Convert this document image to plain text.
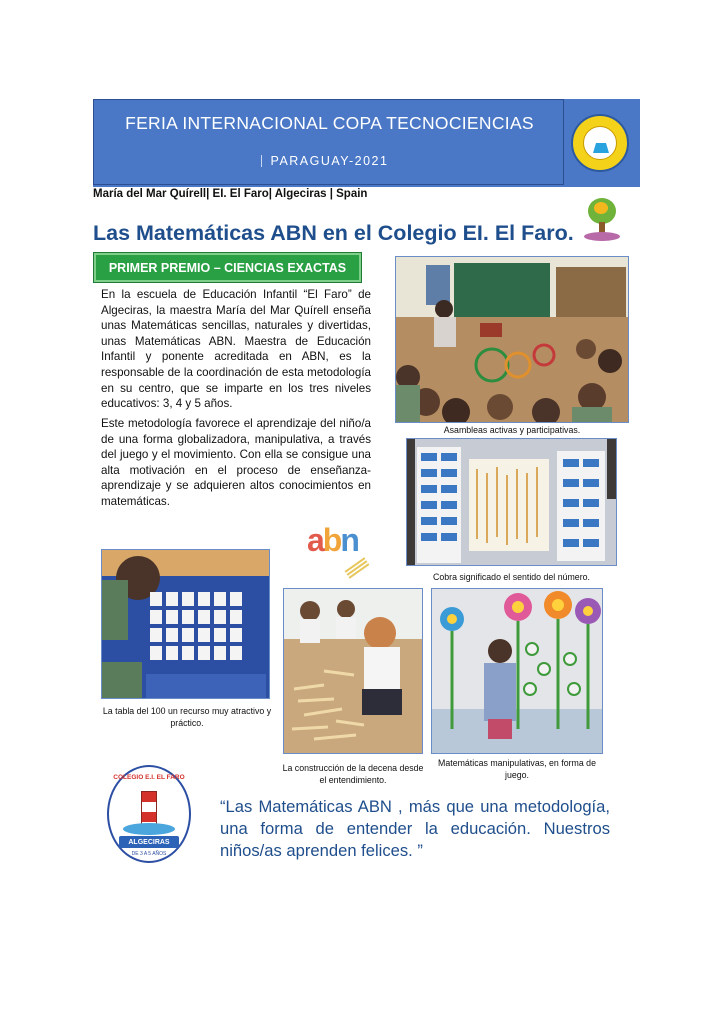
FERIA INTERNACIONAL COPA TECNOCIENCIAS
PARAGUAY-2021
María del Mar Quírell| EI. El Faro| Algeciras | Spain
Las Matemáticas ABN en el Colegio EI. El Faro.
PRIMER PREMIO – CIENCIAS EXACTAS

En la escuela de Educación Infantil “El Faro” de Algeciras, la maestra María del Mar Quírell enseña unas Matemáticas sencillas, naturales y divertidas, unas Matemáticas ABN. Maestra de Educación Infantil y ponente acreditada en ABN, es la responsable de la coordinación de esta metodología en su centro, que se imparte en los tres niveles educativos: 3, 4 y 5 años.

Este metodología favorece el aprendizaje del niño/a de una forma globalizadora, manipulativa, a través del juego y el movimiento. Con ella se consigue una alta motivación en el proceso de enseñanza-aprendizaje y se adquieren altos conocimientos en matemáticas.

abn
Asambleas activas y participativas.
Cobra significado el sentido del número.
La tabla del 100 un recurso muy atractivo y práctico.
La construcción de la decena desde el entendimiento.
Matemáticas manipulativas, en forma de juego.
COLEGIO E.I. EL FARO
ALGECIRAS
DE 3 A 5 AÑOS

“Las Matemáticas ABN , más que una metodología, una forma de entender la educación. Nuestros niños/as aprenden felices. ”
